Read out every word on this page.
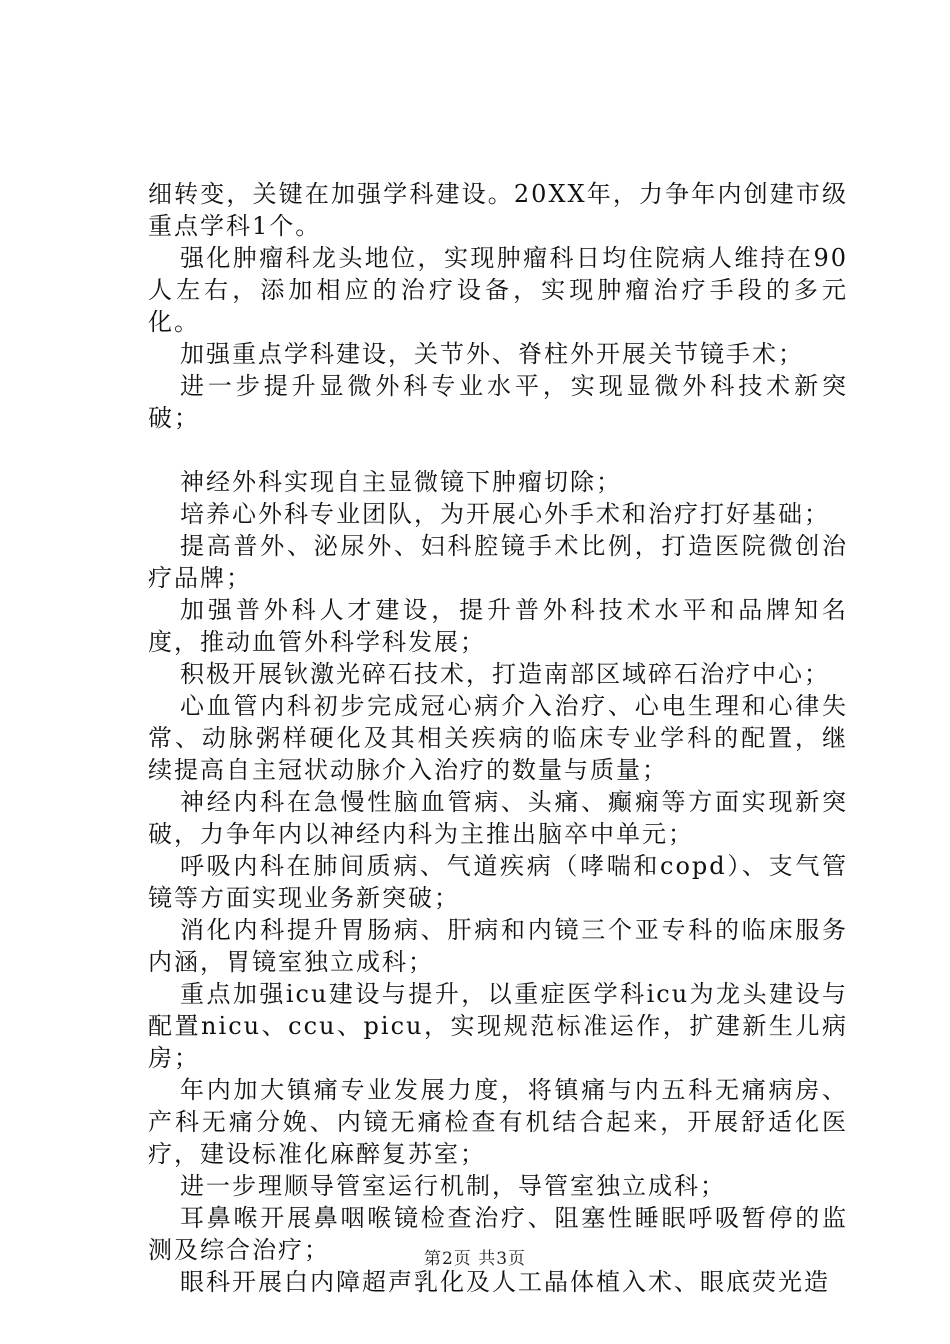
细转变，关键在加强学科建设。20XX年，力争年内创建市级重点学科1个。

强化肿瘤科龙头地位，实现肿瘤科日均住院病人维持在90人左右，添加相应的治疗设备，实现肿瘤治疗手段的多元化。

加强重点学科建设，关节外、脊柱外开展关节镜手术；

进一步提升显微外科专业水平，实现显微外科技术新突破；

神经外科实现自主显微镜下肿瘤切除；

培养心外科专业团队，为开展心外手术和治疗打好基础；

提高普外、泌尿外、妇科腔镜手术比例，打造医院微创治疗品牌；

加强普外科人才建设，提升普外科技术水平和品牌知名度，推动血管外科学科发展；

积极开展钬激光碎石技术，打造南部区域碎石治疗中心；

心血管内科初步完成冠心病介入治疗、心电生理和心律失常、动脉粥样硬化及其相关疾病的临床专业学科的配置，继续提高自主冠状动脉介入治疗的数量与质量；

神经内科在急慢性脑血管病、头痛、癫痫等方面实现新突破，力争年内以神经内科为主推出脑卒中单元；

呼吸内科在肺间质病、气道疾病（哮喘和copd）、支气管镜等方面实现业务新突破；

消化内科提升胃肠病、肝病和内镜三个亚专科的临床服务内涵，胃镜室独立成科；

重点加强icu建设与提升，以重症医学科icu为龙头建设与配置nicu、ccu、picu，实现规范标准运作，扩建新生儿病房；

年内加大镇痛专业发展力度，将镇痛与内五科无痛病房、产科无痛分娩、内镜无痛检查有机结合起来，开展舒适化医疗，建设标准化麻醉复苏室；

进一步理顺导管室运行机制，导管室独立成科；

耳鼻喉开展鼻咽喉镜检查治疗、阻塞性睡眠呼吸暂停的监测及综合治疗；

眼科开展白内障超声乳化及人工晶体植入术、眼底荧光造

第2页 共3页
